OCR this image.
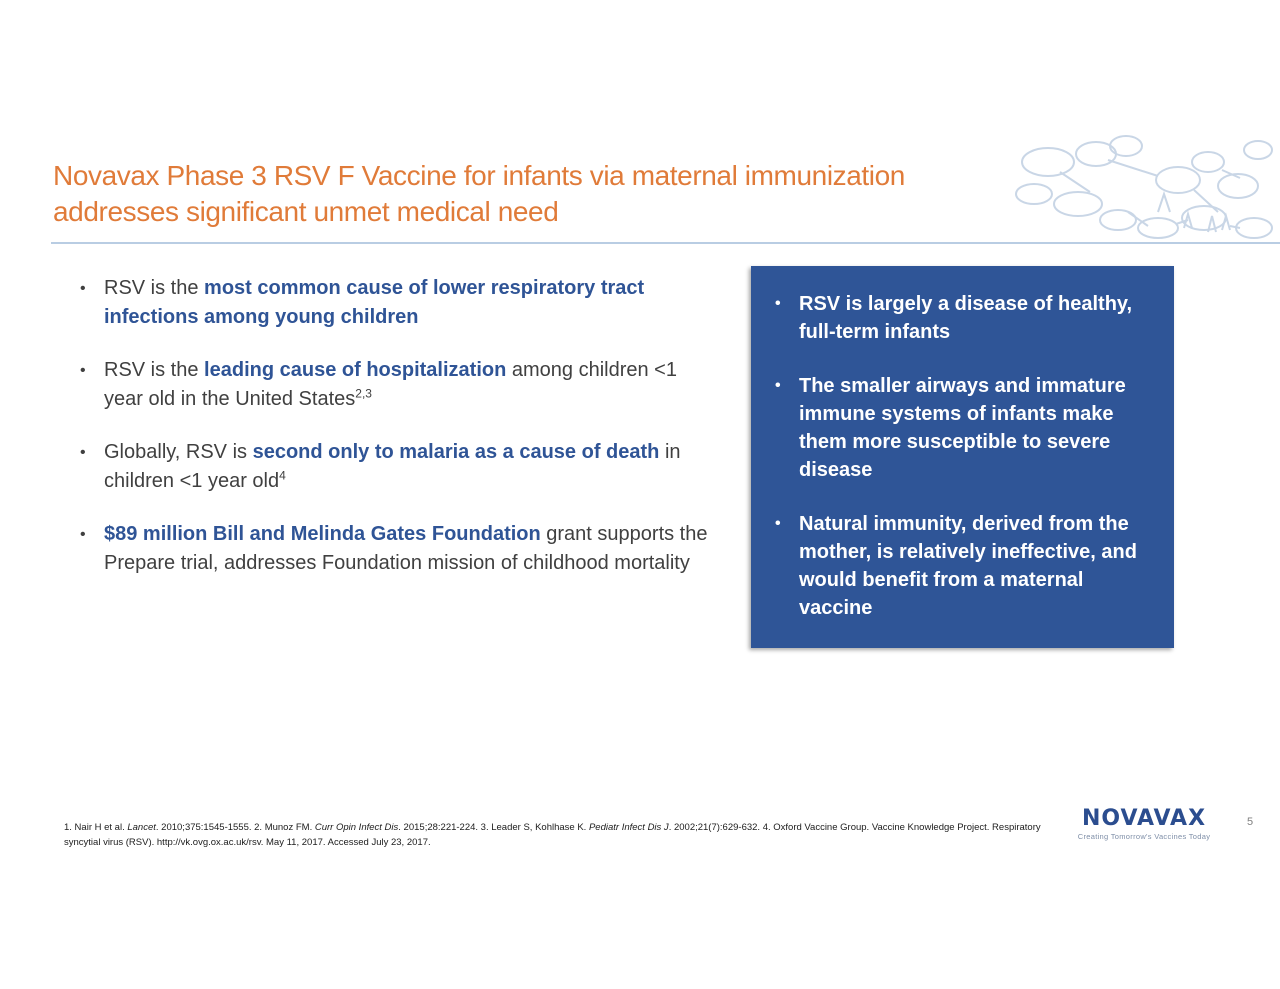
Novavax Phase 3 RSV F Vaccine for infants via maternal immunization
addresses significant unmet medical need
• RSV is the most common cause of lower respiratory tract infections among young children
• RSV is the leading cause of hospitalization among children <1 year old in the United States$^{2,3}$
• Globally, RSV is second only to malaria as a cause of death in children <1 year old$^4$
• $89 million Bill and Melinda Gates Foundation grant supports the Prepare trial, addresses Foundation mission of childhood mortality
• RSV is largely a disease of healthy, full-term infants
• The smaller airways and immature immune systems of infants make them more susceptible to severe disease
• Natural immunity, derived from the mother, is relatively ineffective, and would benefit from a maternal vaccine
1. Nair H et al. Lancet. 2010;375:1545-1555. 2. Munoz FM. Curr Opin Infect Dis. 2015;28:221-224. 3. Leader S, Kohlhase K. Pediatr Infect Dis J. 2002;21(7):629-632. 4. Oxford Vaccine Group. Vaccine Knowledge Project. Respiratory syncytial virus (RSV). http://vk.ovg.ox.ac.uk/rsv. May 11, 2017. Accessed July 23, 2017.
NOVAVAX
Creating Tomorrow's Vaccines Today
5
